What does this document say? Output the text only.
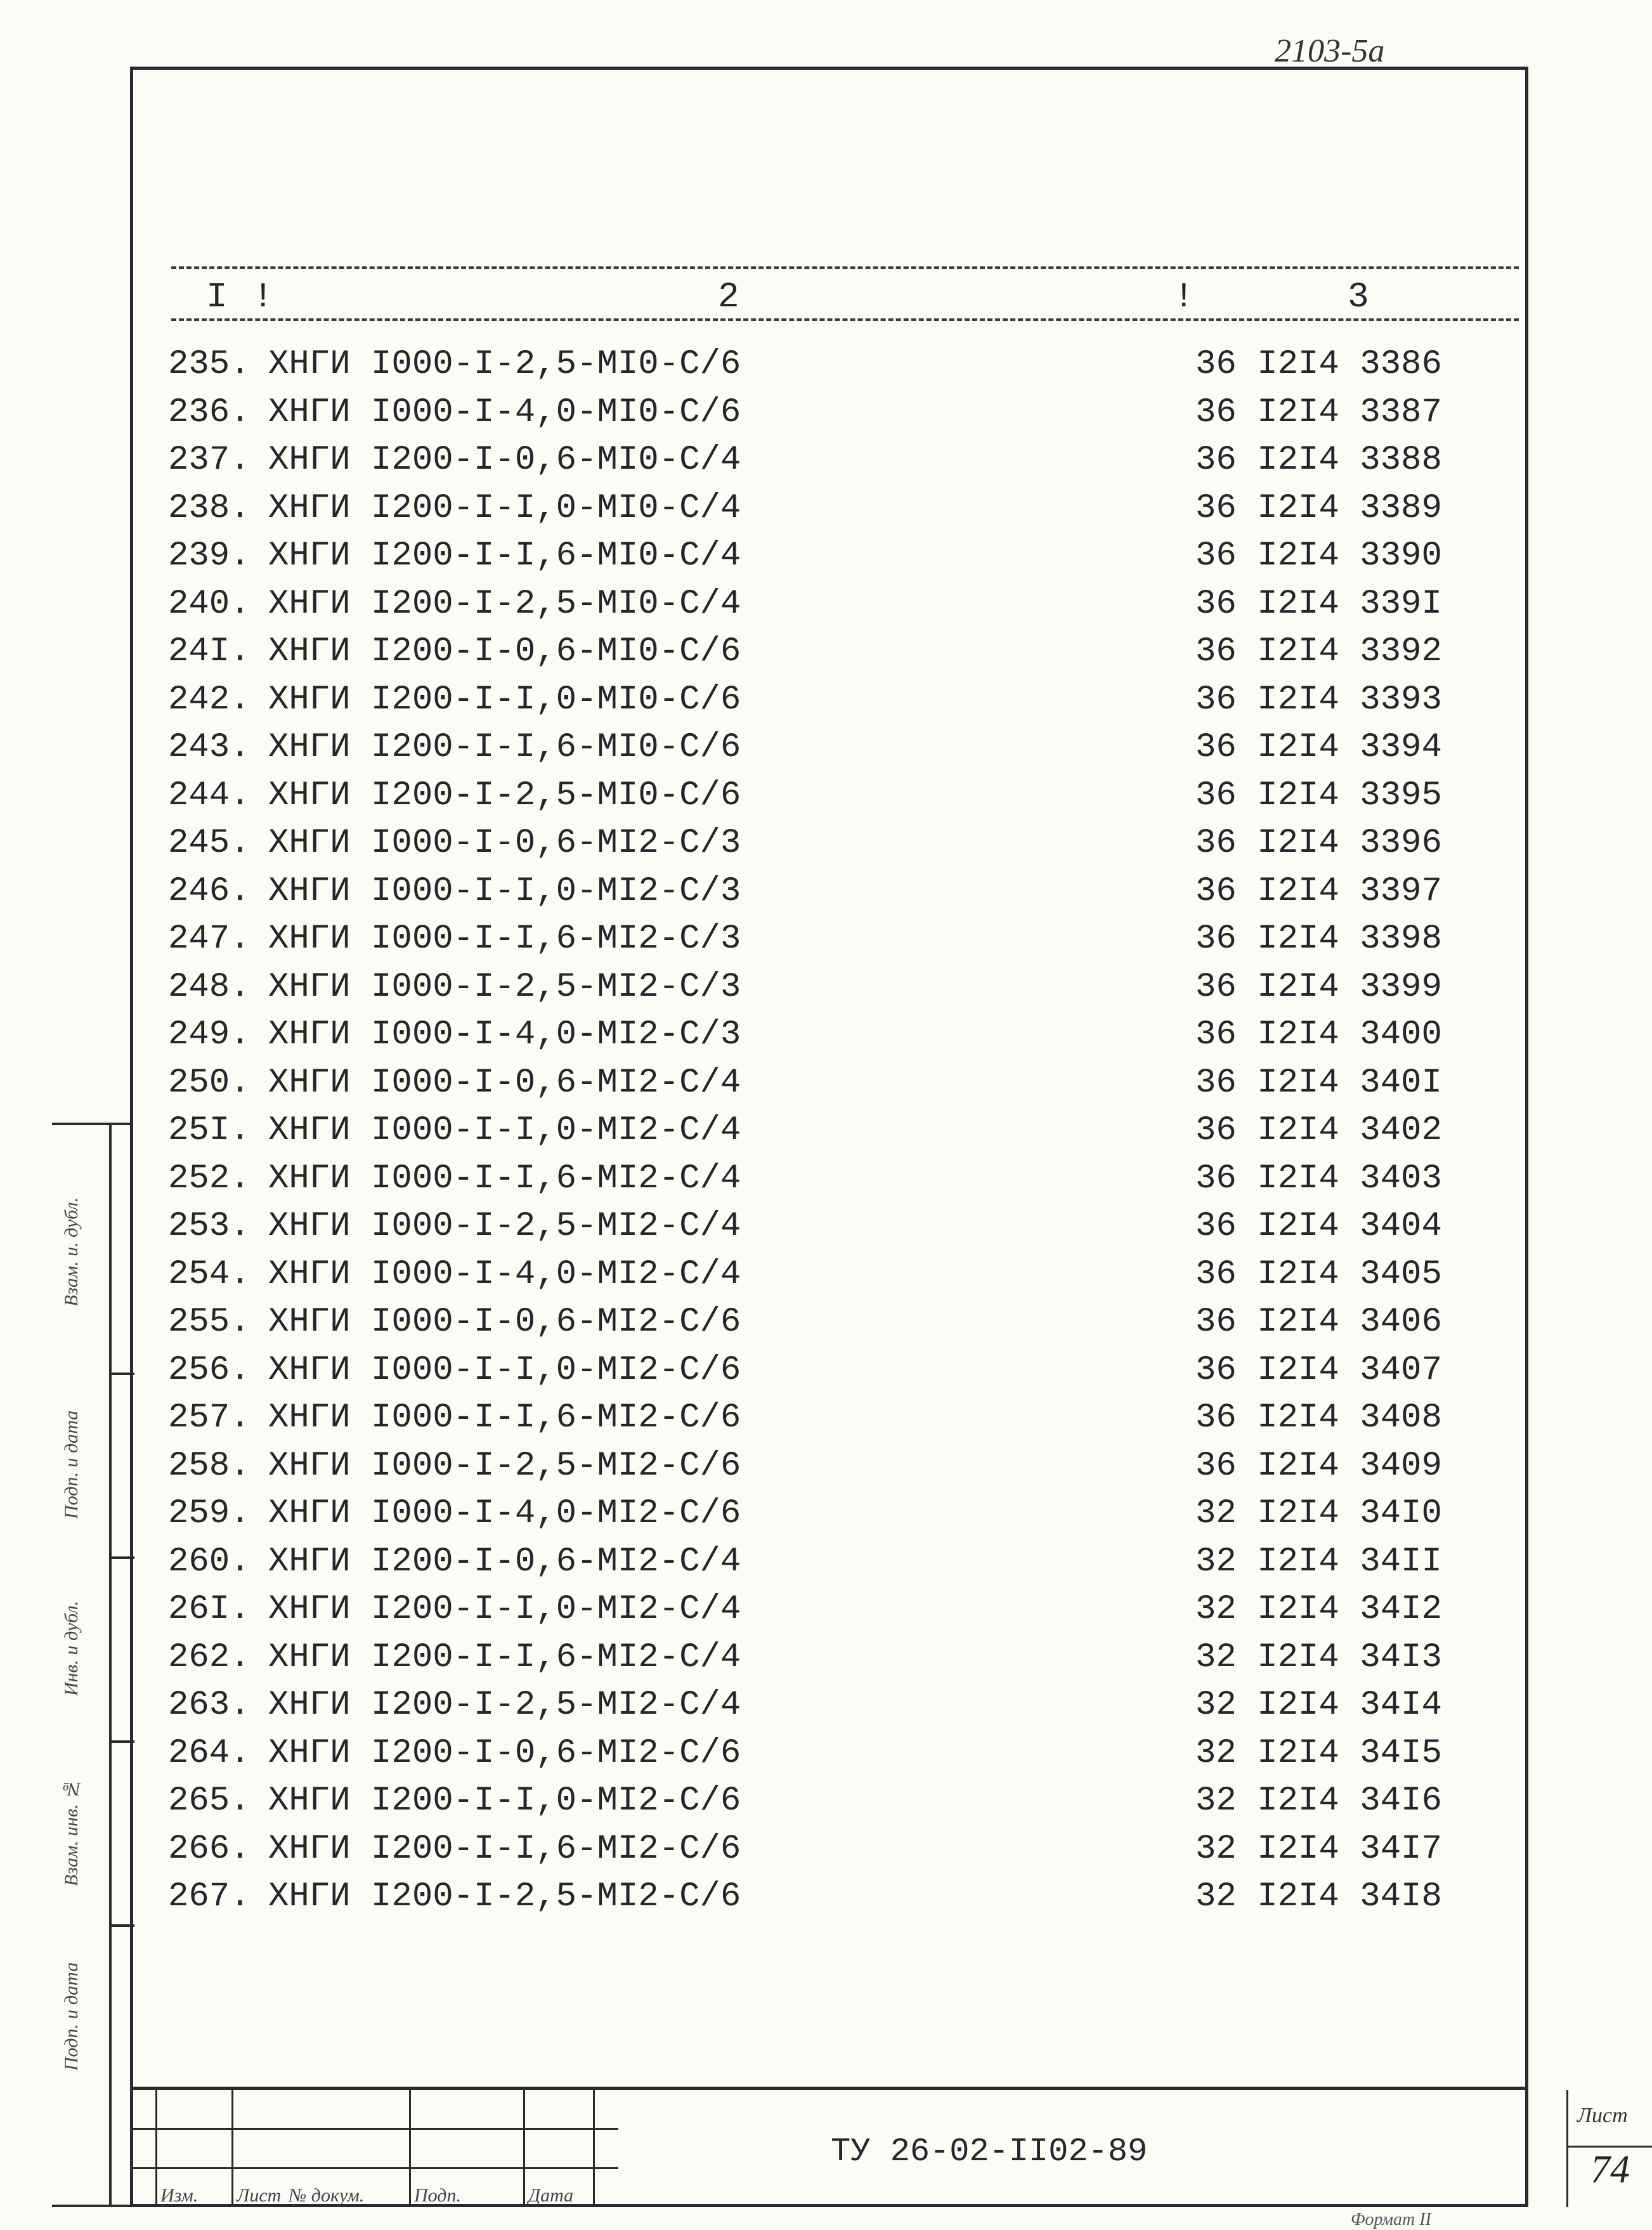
2103-5а
I !	2	!	3
235. ХНГИ I000-I-2,5-МI0-С/6	36 I2I4 3386
236. ХНГИ I000-I-4,0-МI0-С/6	36 I2I4 3387
237. ХНГИ I200-I-0,6-МI0-С/4	36 I2I4 3388
238. ХНГИ I200-I-I,0-МI0-С/4	36 I2I4 3389
239. ХНГИ I200-I-I,6-МI0-С/4	36 I2I4 3390
240. ХНГИ I200-I-2,5-МI0-С/4	36 I2I4 339I
24I. ХНГИ I200-I-0,6-МI0-С/6	36 I2I4 3392
242. ХНГИ I200-I-I,0-МI0-С/6	36 I2I4 3393
243. ХНГИ I200-I-I,6-МI0-С/6	36 I2I4 3394
244. ХНГИ I200-I-2,5-МI0-С/6	36 I2I4 3395
245. ХНГИ I000-I-0,6-МI2-С/3	36 I2I4 3396
246. ХНГИ I000-I-I,0-МI2-С/3	36 I2I4 3397
247. ХНГИ I000-I-I,6-МI2-С/3	36 I2I4 3398
248. ХНГИ I000-I-2,5-МI2-С/3	36 I2I4 3399
249. ХНГИ I000-I-4,0-МI2-С/3	36 I2I4 3400
250. ХНГИ I000-I-0,6-МI2-С/4	36 I2I4 340I
25I. ХНГИ I000-I-I,0-МI2-С/4	36 I2I4 3402
252. ХНГИ I000-I-I,6-МI2-С/4	36 I2I4 3403
253. ХНГИ I000-I-2,5-МI2-С/4	36 I2I4 3404
254. ХНГИ I000-I-4,0-МI2-С/4	36 I2I4 3405
255. ХНГИ I000-I-0,6-МI2-С/6	36 I2I4 3406
256. ХНГИ I000-I-I,0-МI2-С/6	36 I2I4 3407
257. ХНГИ I000-I-I,6-МI2-С/6	36 I2I4 3408
258. ХНГИ I000-I-2,5-МI2-С/6	36 I2I4 3409
259. ХНГИ I000-I-4,0-МI2-С/6	32 I2I4 34I0
260. ХНГИ I200-I-0,6-МI2-С/4	32 I2I4 34II
26I. ХНГИ I200-I-I,0-МI2-С/4	32 I2I4 34I2
262. ХНГИ I200-I-I,6-МI2-С/4	32 I2I4 34I3
263. ХНГИ I200-I-2,5-МI2-С/4	32 I2I4 34I4
264. ХНГИ I200-I-0,6-МI2-С/6	32 I2I4 34I5
265. ХНГИ I200-I-I,0-МI2-С/6	32 I2I4 34I6
266. ХНГИ I200-I-I,6-МI2-С/6	32 I2I4 34I7
267. ХНГИ I200-I-2,5-МI2-С/6	32 I2I4 34I8
Взам. и. дубл.
Подп. и дата
Инв. и дубл.
Взам. инв. №
Подп. и дата
Изм. Лист № докум.	Подп.	Дата
ТУ 26-02-II02-89
Лист
74
Формат II
